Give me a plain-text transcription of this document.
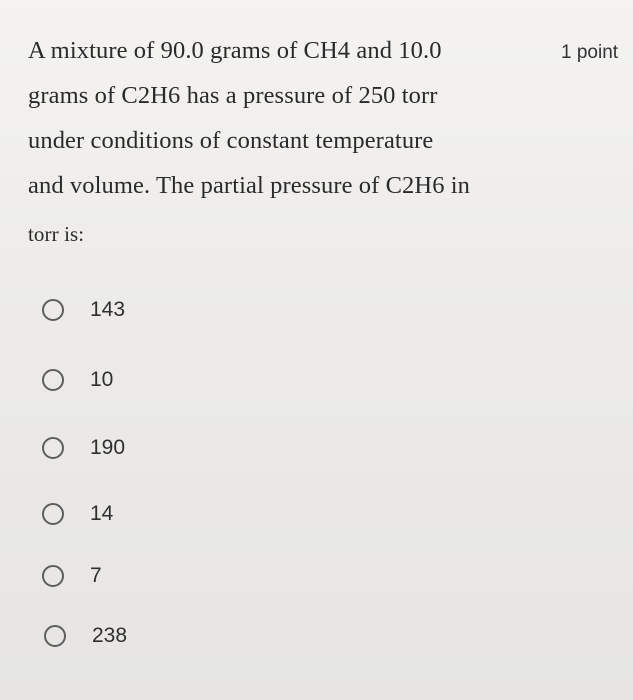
A mixture of 90.0 grams of CH4 and 10.0
grams of C2H6 has a pressure of 250 torr
under conditions of constant temperature
and volume. The partial pressure of C2H6 in
torr is:
1 point
143
10
190
14
7
238
